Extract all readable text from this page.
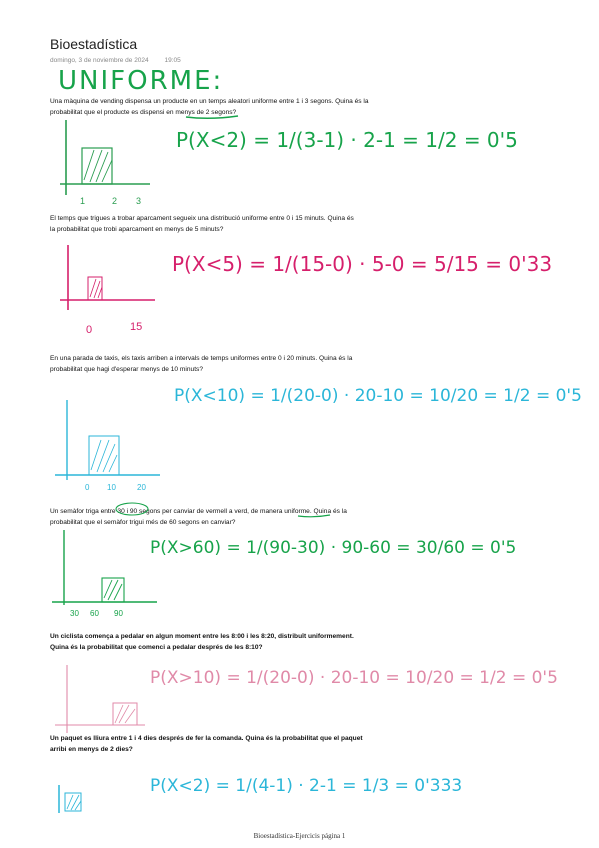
Bioestadística
domingo, 3 de noviembre de 2024 19:05
UNIFORME:
Una màquina de vending dispensa un producte en un temps aleatori uniforme entre 1 i 3 segons. Quina és la
probabilitat que el producte es dispensi en menys de 2 segons?
1	2 3
P(X<2) = 1/(3-1) · 2-1 = 1/2 = 0'5
El temps que trigues a trobar aparcament segueix una distribució uniforme entre 0 i 15 minuts. Quina és
la probabilitat que trobi aparcament en menys de 5 minuts?
0	15
P(X<5) = 1/(15-0) · 5-0 = 5/15 = 0'33
En una parada de taxis, els taxis arriben a intervals de temps uniformes entre 0 i 20 minuts. Quina és la
probabilitat que hagi d'esperar menys de 10 minuts?
0 10	20
P(X<10) = 1/(20-0) · 20-10 = 10/20 = 1/2 = 0'5
Un semàfor triga entre 30 i 90 segons per canviar de vermell a verd, de manera uniforme. Quina és la
probabilitat que el semàfor trigui més de 60 segons en canviar?
30 60 90
P(X>60) = 1/(90-30) · 90-60 = 30/60 = 0'5
Un ciclista comença a pedalar en algun moment entre les 8:00 i les 8:20, distribuït uniformement.
Quina és la probabilitat que comenci a pedalar després de les 8:10?
P(X>10) = 1/(20-0) · 20-10 = 10/20 = 1/2 = 0'5
Un paquet es lliura entre 1 i 4 dies després de fer la comanda. Quina és la probabilitat que el paquet
arribi en menys de 2 dies?
P(X<2) = 1/(4-1) · 2-1 = 1/3 = 0'333
Bioestadística-Ejercicis página 1
